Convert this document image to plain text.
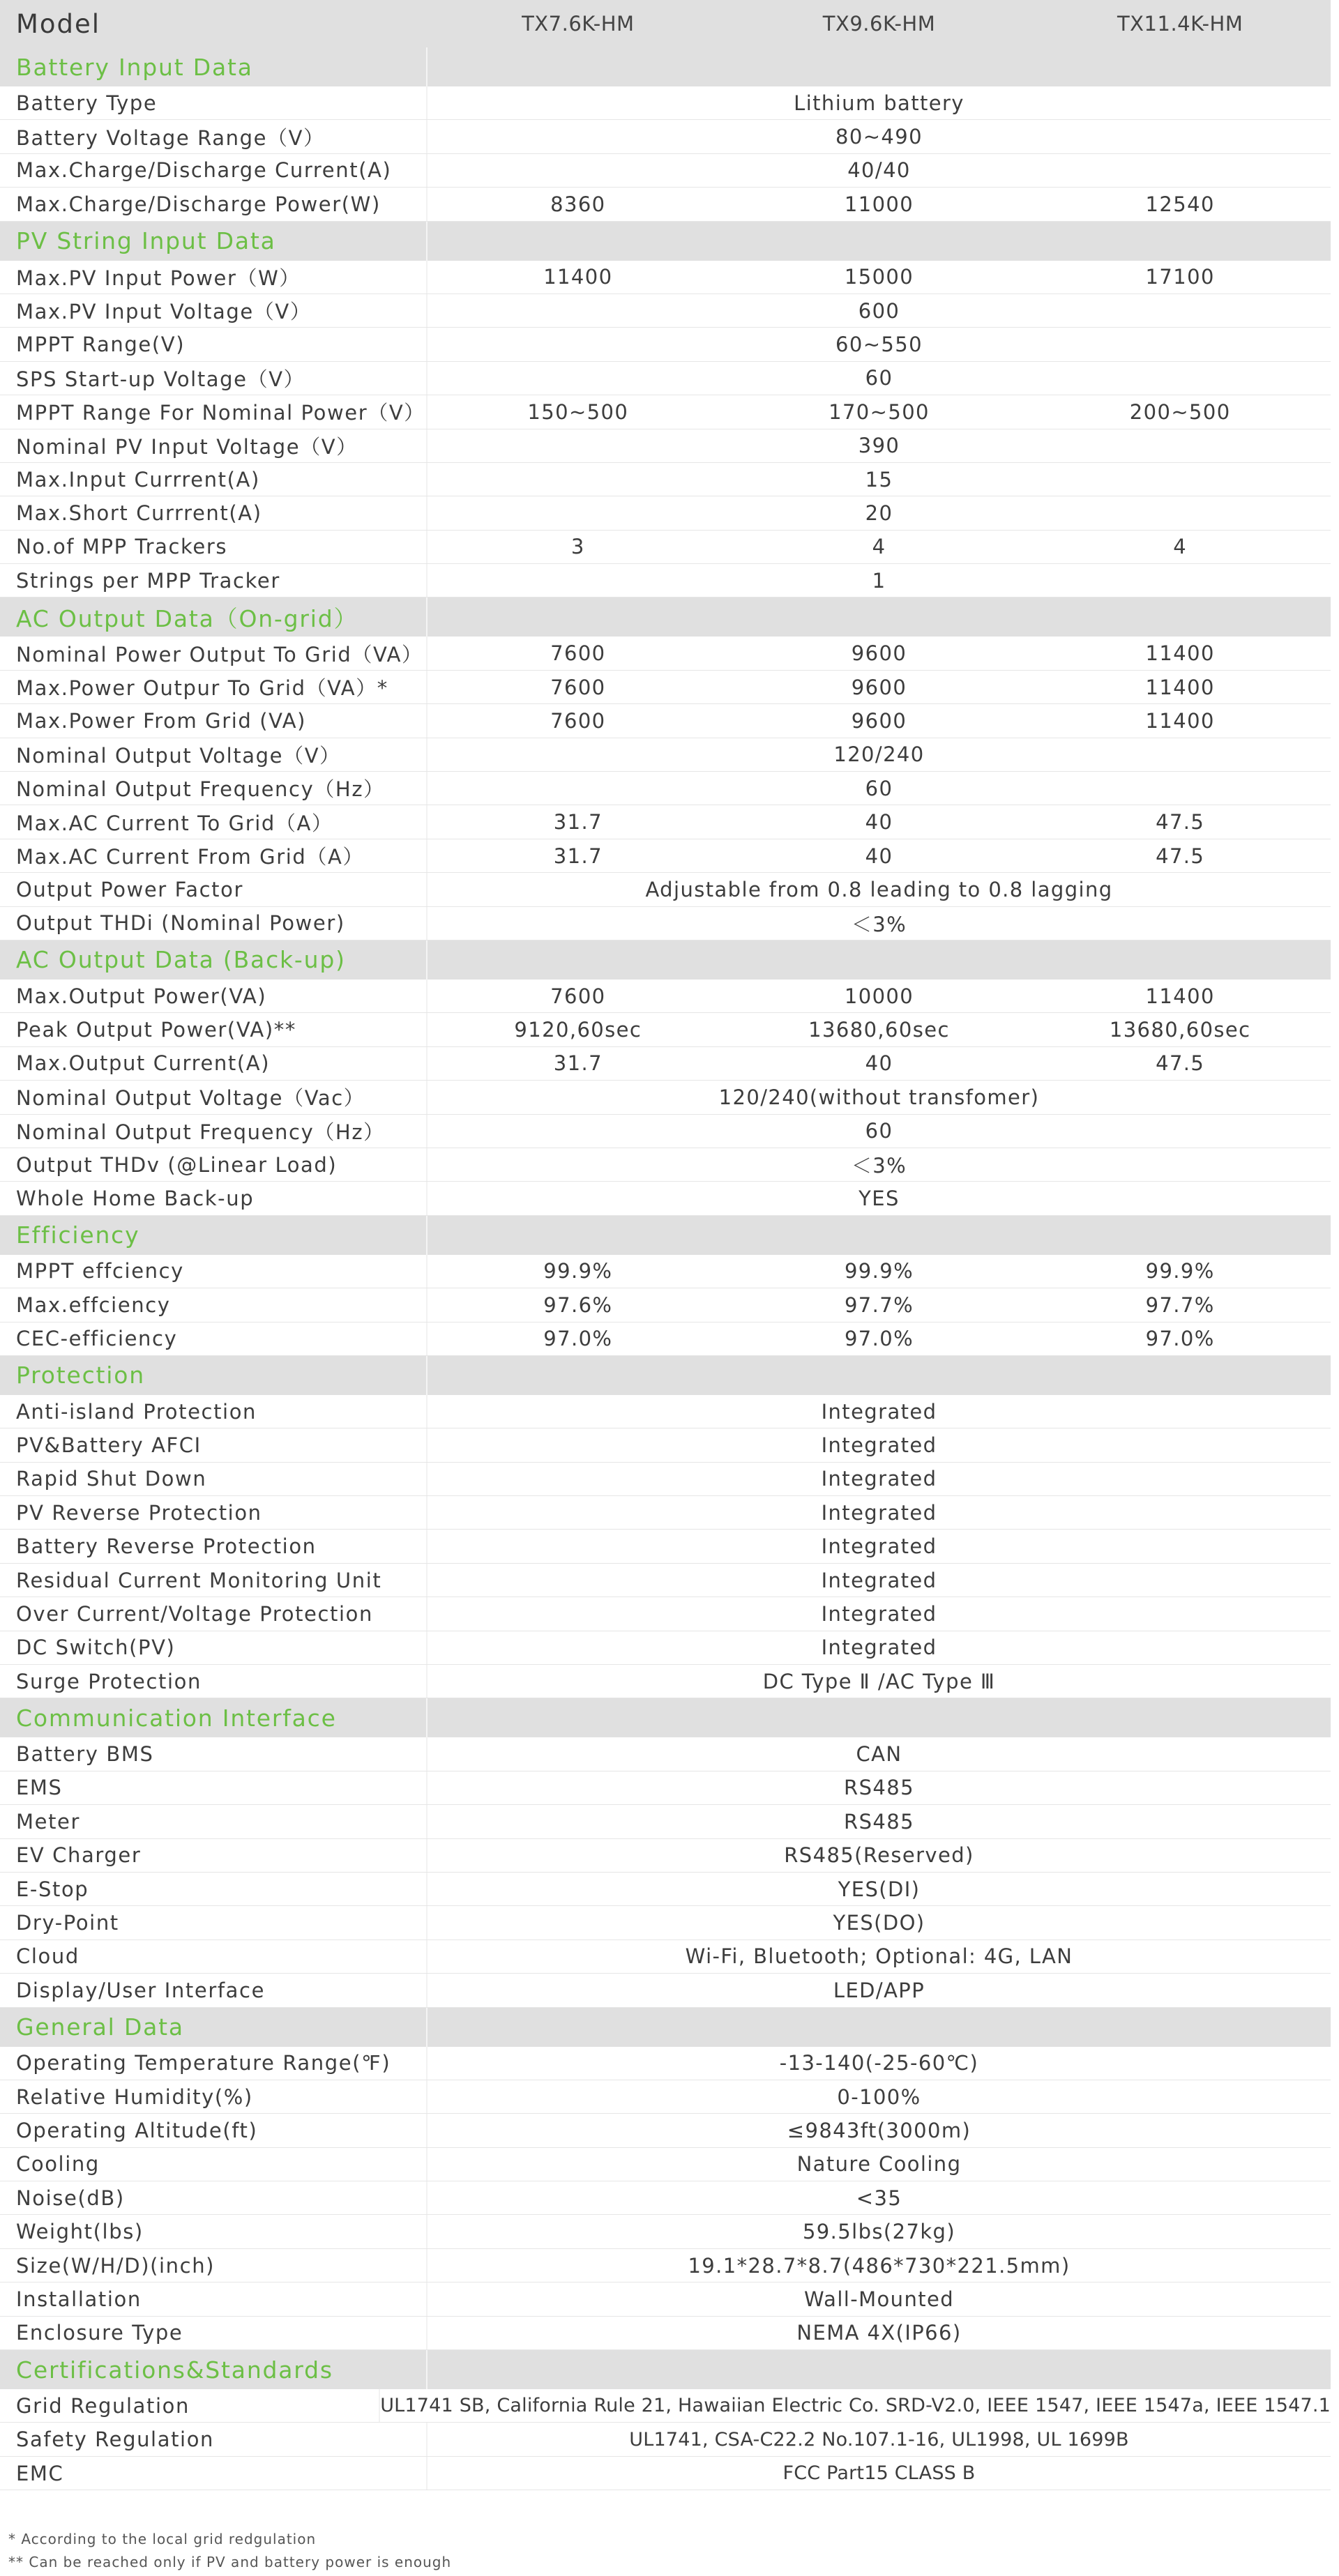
Model	TX7.6K-HM	TX9.6K-HM	TX11.4K-HM
Battery Input Data
Battery Type	Lithium battery
Battery Voltage Range（V）	80~490
Max.Charge/Discharge Current(A)	40/40
Max.Charge/Discharge Power(W)	8360	11000	12540
PV String Input Data
Max.PV Input Power（W）	11400	15000	17100
Max.PV Input Voltage（V）	600
MPPT Range(V)	60~550
SPS Start-up Voltage（V）	60
MPPT Range For Nominal Power（V）	150~500	170~500	200~500
Nominal PV Input Voltage（V）	390
Max.Input Currrent(A)	15
Max.Short Currrent(A)	20
No.of MPP Trackers	3	4	4
Strings per MPP Tracker	1
AC Output Data（On-grid）
Nominal Power Output To Grid（VA）	7600	9600	11400
Max.Power Outpur To Grid（VA）*	7600	9600	11400
Max.Power From Grid (VA)	7600	9600	11400
Nominal Output Voltage（V）	120/240
Nominal Output Frequency（Hz）	60
Max.AC Current To Grid（A）	31.7	40	47.5
Max.AC Current From Grid（A）	31.7	40	47.5
Output Power Factor	Adjustable from 0.8 leading to 0.8 lagging
Output THDi (Nominal Power)	＜3%
AC Output Data (Back-up)
Max.Output Power(VA)	7600	10000	11400
Peak Output Power(VA)**	9120,60sec	13680,60sec	13680,60sec
Max.Output Current(A)	31.7	40	47.5
Nominal Output Voltage（Vac）	120/240(without transfomer)
Nominal Output Frequency（Hz）	60
Output THDv (@Linear Load)	＜3%
Whole Home Back-up	YES
Efficiency
MPPT effciency	99.9%	99.9%	99.9%
Max.effciency	97.6%	97.7%	97.7%
CEC-efficiency	97.0%	97.0%	97.0%
Protection
Anti-island Protection	Integrated
PV&Battery AFCI	Integrated
Rapid Shut Down	Integrated
PV Reverse Protection	Integrated
Battery Reverse Protection	Integrated
Residual Current Monitoring Unit	Integrated
Over Current/Voltage Protection	Integrated
DC Switch(PV)	Integrated
Surge Protection	DC Type Ⅱ /AC Type Ⅲ
Communication Interface
Battery BMS	CAN
EMS	RS485
Meter	RS485
EV Charger	RS485(Reserved)
E-Stop	YES(DI)
Dry-Point	YES(DO)
Cloud	Wi-Fi, Bluetooth; Optional: 4G, LAN
Display/User Interface	LED/APP
General Data
Operating Temperature Range(℉)	-13-140(-25-60℃)
Relative Humidity(%)	0-100%
Operating Altitude(ft)	≤9843ft(3000m)
Cooling	Nature Cooling
Noise(dB)	<35
Weight(lbs)	59.5lbs(27kg)
Size(W/H/D)(inch)	19.1*28.7*8.7(486*730*221.5mm)
Installation	Wall-Mounted
Enclosure Type	NEMA 4X(IP66)
Certifications&Standards
Grid Regulation	UL1741 SB, California Rule 21, Hawaiian Electric Co. SRD-V2.0, IEEE 1547, IEEE 1547a, IEEE 1547.1
Safety Regulation	UL1741, CSA-C22.2 No.107.1-16, UL1998, UL 1699B
EMC	FCC Part15 CLASS B
* According to the local grid redgulation
** Can be reached only if PV and battery power is enough
